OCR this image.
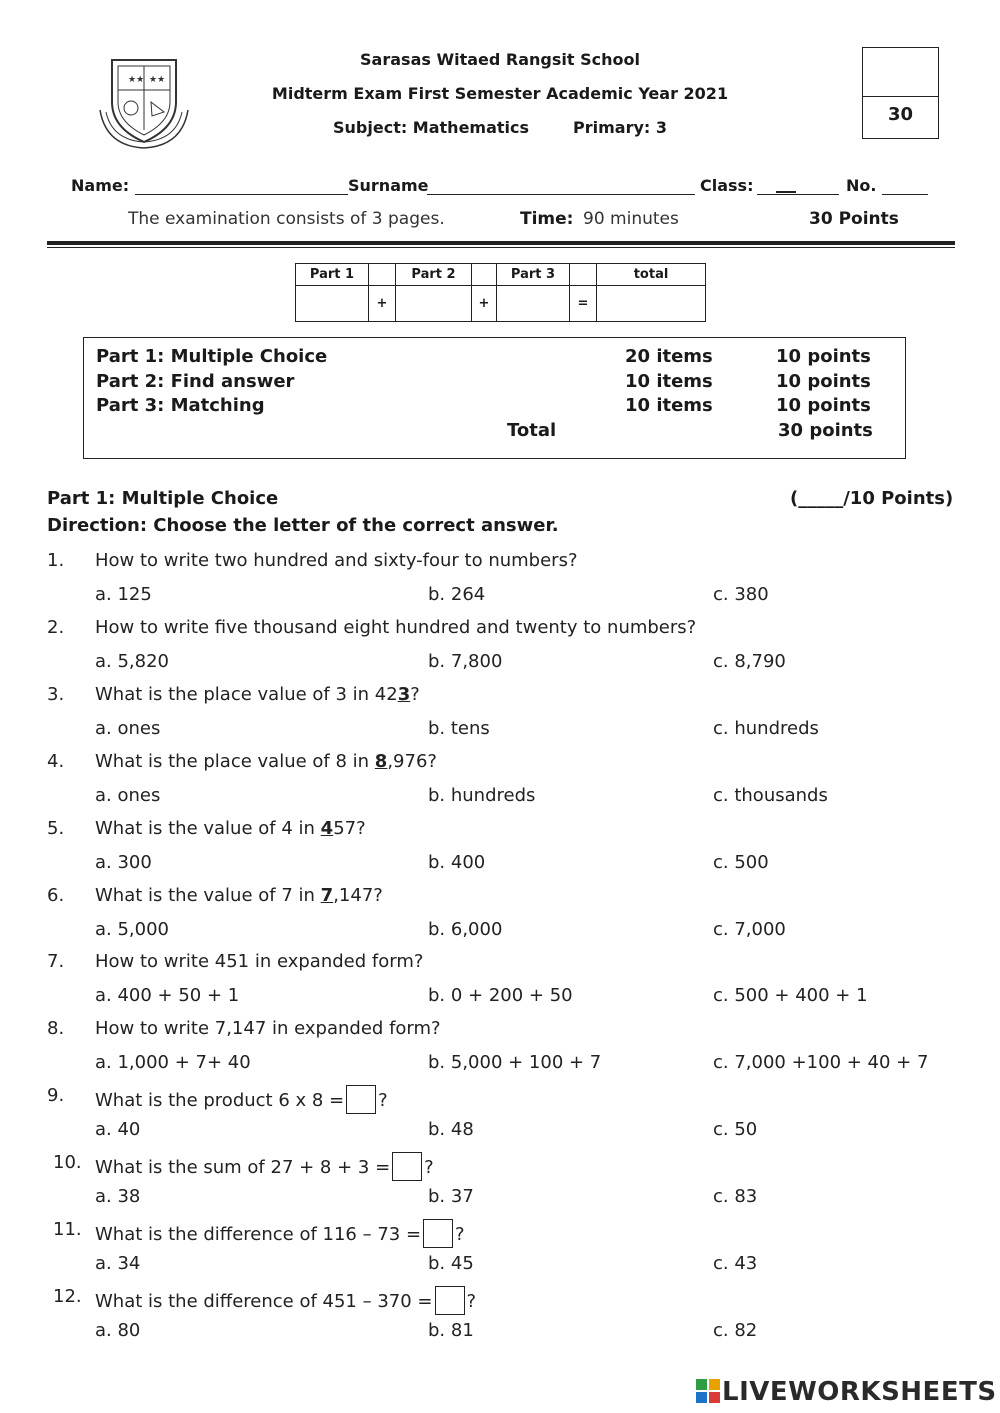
★★ ★★
Sarasas Witaed Rangsit School
Midterm Exam First Semester Academic Year 2021
Subject: Mathematics	Primary: 3
30
Name:	Surname	Class:	No.
The examination consists of 3 pages.	Time: 90 minutes	30 Points
Part 1		Part 2		Part 3		total
	+		+		=	
Part 1: Multiple Choice	20 items	10 points
Part 2: Find answer	10 items	10 points
Part 3: Matching	10 items	10 points
Total	30 points
Part 1: Multiple Choice	(_____/10 Points)
Direction: Choose the letter of the correct answer.
1. How to write two hundred and sixty-four to numbers?
a. 125	b. 264	c. 380
2. How to write five thousand eight hundred and twenty to numbers?
a. 5,820	b. 7,800	c. 8,790
3. What is the place value of 3 in 423?
a. ones	b. tens	c. hundreds
4. What is the place value of 8 in 8,976?
a. ones	b. hundreds	c. thousands
5. What is the value of 4 in 457?
a. 300	b. 400	c. 500
6. What is the value of 7 in 7,147?
a. 5,000	b. 6,000	c. 7,000
7. How to write 451 in expanded form?
a. 400 + 50 + 1	b. 0 + 200 + 50	c. 500 + 400 + 1
8. How to write 7,147 in expanded form?
a. 1,000 + 7+ 40	b. 5,000 + 100 + 7	c. 7,000 +100 + 40 + 7
9. What is the product 6 x 8 = ?
a. 40	b. 48	c. 50
10. What is the sum of 27 + 8 + 3 = ?
a. 38	b. 37	c. 83
11. What is the difference of 116 – 73 = ?
a. 34	b. 45	c. 43
12. What is the difference of 451 – 370 = ?
a. 80	b. 81	c. 82
LIVEWORKSHEETS
